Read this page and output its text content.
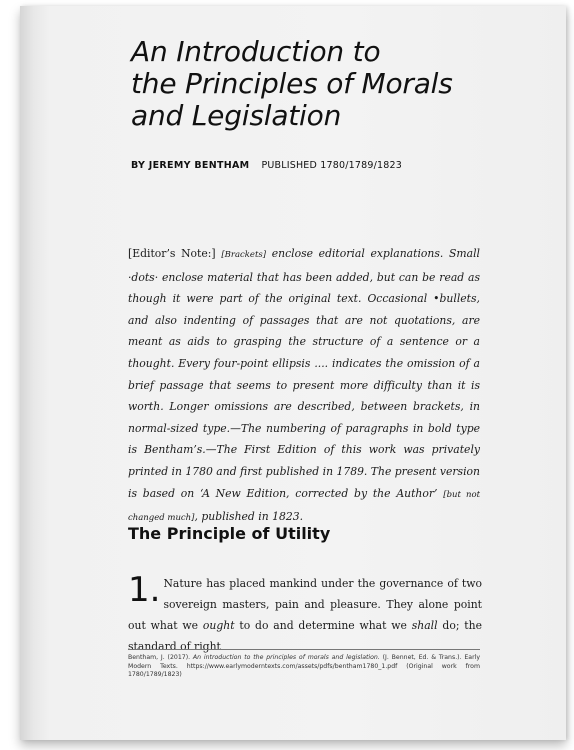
An Introduction to
the Principles of Morals
and Legislation
BY JEREMY BENTHAM PUBLISHED 1780/1789/1823

[Editor’s Note:] [Brackets] enclose editorial explanations. Small ·dots· enclose material that has been added, but can be read as though it were part of the original text. Occasional •bullets, and also indenting of passages that are not quotations, are meant as aids to grasping the structure of a sentence or a thought. Every four-point ellipsis .... indicates the omission of a brief passage that seems to present more difficulty than it is worth. Longer omissions are described, between brackets, in normal-sized type.—The numbering of paragraphs in bold type is Bentham’s.—The First Edition of this work was privately printed in 1780 and first published in 1789. The present version is based on ‘A New Edition, corrected by the Author’ [but not changed much], published in 1823.

The Principle of Utility

1. Nature has placed mankind under the governance of two sovereign masters, pain and pleasure. They alone point out what we ought to do and determine what we shall do; the standard of right

Bentham, J. (2017). An introduction to the principles of morals and legislation. (J. Bennet, Ed. & Trans.). Early Modern Texts. https://www.earlymoderntexts.com/assets/pdfs/bentham1780_1.pdf (Original work from 1780/1789/1823)
